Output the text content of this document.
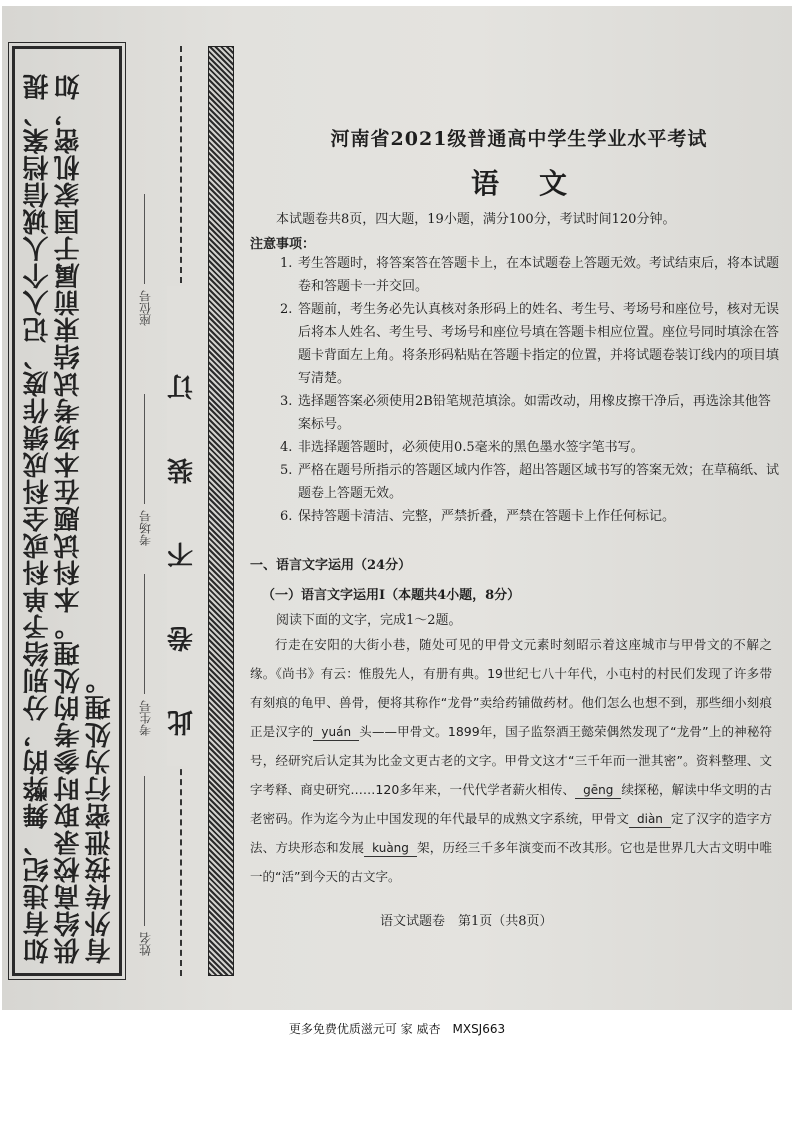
如有违纪、舞弊的，分别给予单科或全科成绩作废、记入个人诚信档案、提供给高校录取时参考的处理。本科试题在本场考试结束前属于国家机密，如有外传按泄密行为处理。 姓名
考生号
考场号
座位号
此卷不装订
河南省2021级普通高中学生学业水平考试
语文
本试题卷共8页，四大题，19小题，满分100分，考试时间120分钟。
注意事项：
1. 考生答题时，将答案答在答题卡上，在本试题卷上答题无效。考试结束后，将本试题卷和答题卡一并交回。
2. 答题前，考生务必先认真核对条形码上的姓名、考生号、考场号和座位号，核对无误后将本人姓名、考生号、考场号和座位号填在答题卡相应位置。座位号同时填涂在答题卡背面左上角。将条形码粘贴在答题卡指定的位置，并将试题卷装订线内的项目填写清楚。
3. 选择题答案必须使用2B铅笔规范填涂。如需改动，用橡皮擦干净后，再选涂其他答案标号。
4. 非选择题答题时，必须使用0.5毫米的黑色墨水签字笔书写。
5. 严格在题号所指示的答题区域内作答，超出答题区域书写的答案无效；在草稿纸、试题卷上答题无效。
6. 保持答题卡清洁、完整，严禁折叠，严禁在答题卡上作任何标记。
一、语言文字运用（24分）
（一）语言文字运用Ⅰ（本题共4小题，8分）
阅读下面的文字，完成1～2题。

行走在安阳的大街小巷，随处可见的甲骨文元素时刻昭示着这座城市与甲骨文的不解之缘。《尚书》有云：惟殷先人，有册有典。19世纪七八十年代，小屯村的村民们发现了许多带有刻痕的龟甲、兽骨，便将其称作“龙骨”卖给药铺做药材。他们怎么也想不到，那些细小刻痕正是汉字的 yuán 头——甲骨文。1899年，国子监祭酒王懿荣偶然发现了“龙骨”上的神秘符号，经研究后认定其为比金文更古老的文字。甲骨文这才“三千年而一泄其密”。资料整理、文字考释、商史研究……120多年来，一代代学者薪火相传、 gēng 续探秘，解读中华文明的古老密码。作为迄今为止中国发现的年代最早的成熟文字系统，甲骨文 diàn 定了汉字的造字方法、方块形态和发展 kuàng 架，历经三千多年演变而不改其形。它也是世界几大古文明中唯一的“活”到今天的古文字。

语文试题卷　第1页（共8页）
更多免费优质滋元可 家 威杏　MXSJ663
